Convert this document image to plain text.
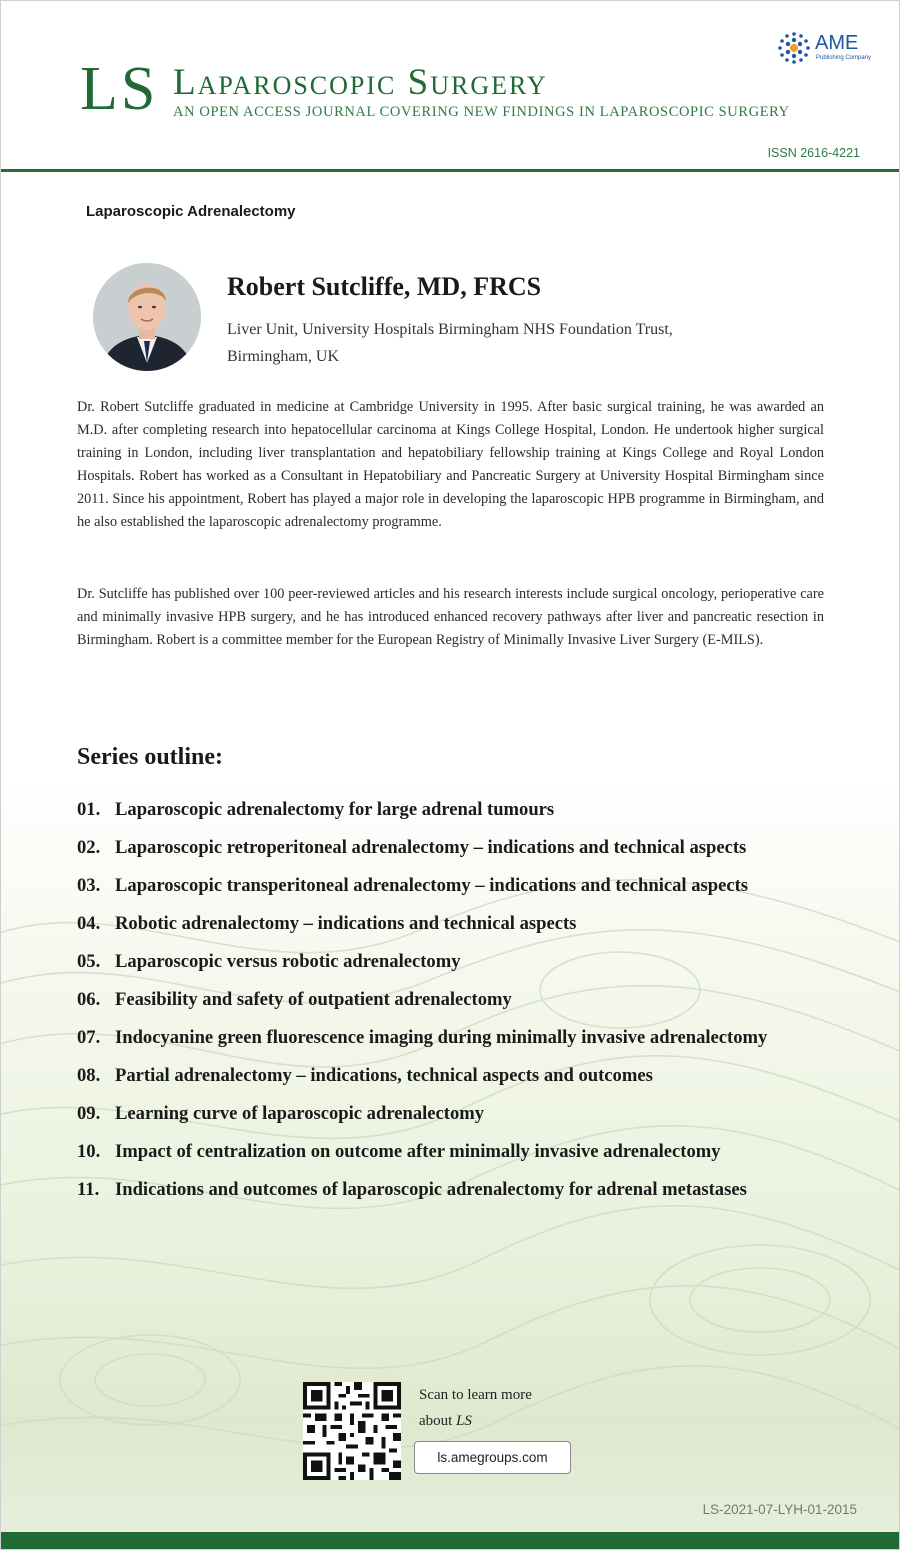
LS Laparoscopic Surgery
AN OPEN ACCESS JOURNAL COVERING NEW FINDINGS IN LAPAROSCOPIC SURGERY
AME
Publishing Company
ISSN 2616-4221
Laparoscopic Adrenalectomy
Robert Sutcliffe, MD, FRCS
Liver Unit, University Hospitals Birmingham NHS Foundation Trust,
Birmingham, UK

Dr. Robert Sutcliffe graduated in medicine at Cambridge University in 1995. After basic surgical training, he was awarded an M.D. after completing research into hepatocellular carcinoma at Kings College Hospital, London. He undertook higher surgical training in London, including liver transplantation and hepatobiliary fellowship training at Kings College and Royal London Hospitals. Robert has worked as a Consultant in Hepatobiliary and Pancreatic Surgery at University Hospital Birmingham since 2011. Since his appointment, Robert has played a major role in developing the laparoscopic HPB programme in Birmingham, and he also established the laparoscopic adrenalectomy programme.

Dr. Sutcliffe has published over 100 peer-reviewed articles and his research interests include surgical oncology, perioperative care and minimally invasive HPB surgery, and he has introduced enhanced recovery pathways after liver and pancreatic resection in Birmingham. Robert is a committee member for the European Registry of Minimally Invasive Liver Surgery (E-MILS).

Series outline:
01. Laparoscopic adrenalectomy for large adrenal tumours
02. Laparoscopic retroperitoneal adrenalectomy – indications and technical aspects
03. Laparoscopic transperitoneal adrenalectomy – indications and technical aspects
04. Robotic adrenalectomy – indications and technical aspects
05. Laparoscopic versus robotic adrenalectomy
06. Feasibility and safety of outpatient adrenalectomy
07. Indocyanine green fluorescence imaging during minimally invasive adrenalectomy
08. Partial adrenalectomy – indications, technical aspects and outcomes
09. Learning curve of laparoscopic adrenalectomy
10. Impact of centralization on outcome after minimally invasive adrenalectomy
11. Indications and outcomes of laparoscopic adrenalectomy for adrenal metastases
Scan to learn more
about LS
ls.amegroups.com
LS-2021-07-LYH-01-2015
